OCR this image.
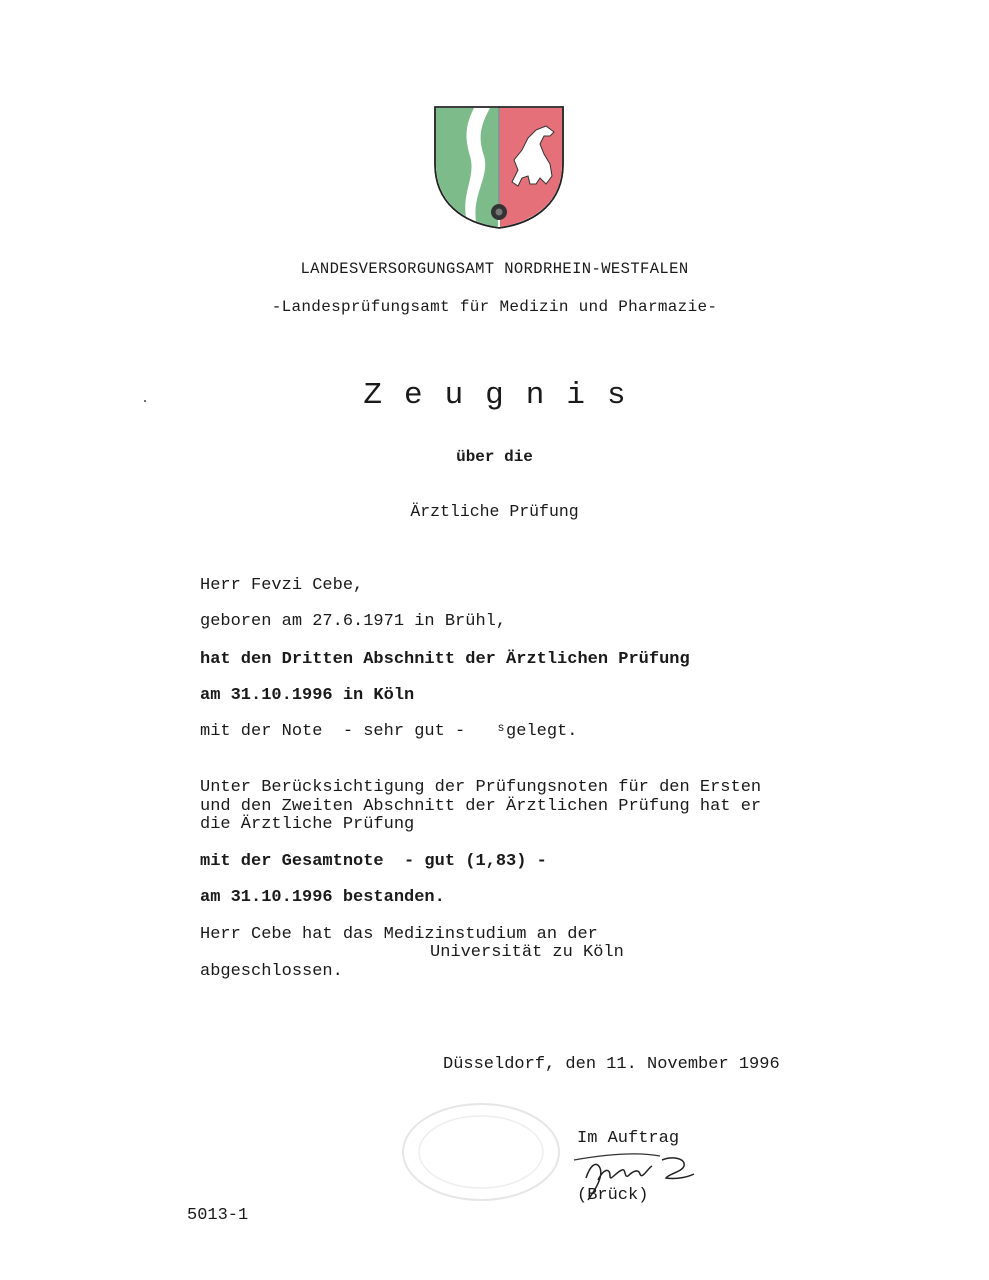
LANDESVERSORGUNGSAMT NORDRHEIN-WESTFALEN
-Landesprüfungsamt für Medizin und Pharmazie-
Zeugnis
über die
Ärztliche Prüfung
Herr Fevzi Cebe,
geboren am 27.6.1971 in Brühl,
hat den Dritten Abschnitt der Ärztlichen Prüfung
am 31.10.1996 in Köln
mit der Note  - sehr gut -   ˢgelegt.
Unter Berücksichtigung der Prüfungsnoten für den Ersten
und den Zweiten Abschnitt der Ärztlichen Prüfung hat er
die Ärztliche Prüfung
mit der Gesamtnote  - gut (1,83) -
am 31.10.1996 bestanden.
Herr Cebe hat das Medizinstudium an der
Universität zu Köln
abgeschlossen.
Düsseldorf, den 11. November 1996
Im Auftrag
(Brück)
5013-1
